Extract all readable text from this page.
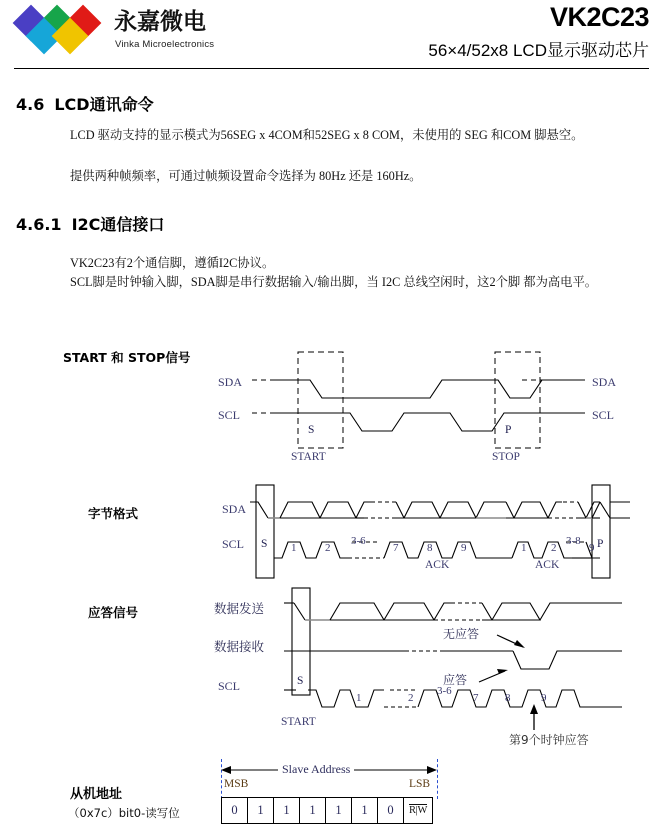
永嘉微电
Vinka Microelectronics
VK2C23
56×4/52x8 LCD显示驱动芯片
4.6 LCD通讯命令
LCD 驱动支持的显示模式为56SEG x 4COM和52SEG x 8 COM，未使用的 SEG 和COM 脚悬空。
提供两种帧频率，可通过帧频设置命令选择为 80Hz 还是 160Hz。
4.6.1 I2C通信接口
VK2C23有2个通信脚，遵循I2C协议。
SCL脚是时钟输入脚，SDA脚是串行数据输入/输出脚，当 I2C 总线空闲时，这2个脚 都为高电平。
START 和 STOP信号
SDA
SCL
SDA
SCL
S	P
START	STOP
字节格式	SDA
SCL S	P
1	2
3-6
7	8	9	1 2
3-8
9
ACK	ACK
应答信号	数据发送
数据接收
SCL	S
START
无应答
应答
1	2
3-6
7 8	9
第9个时钟应答
从机地址
（0x7c）bit0-读写位
Slave Address
MSB	LSB
0	1	1	1	1	1	0	R|W
